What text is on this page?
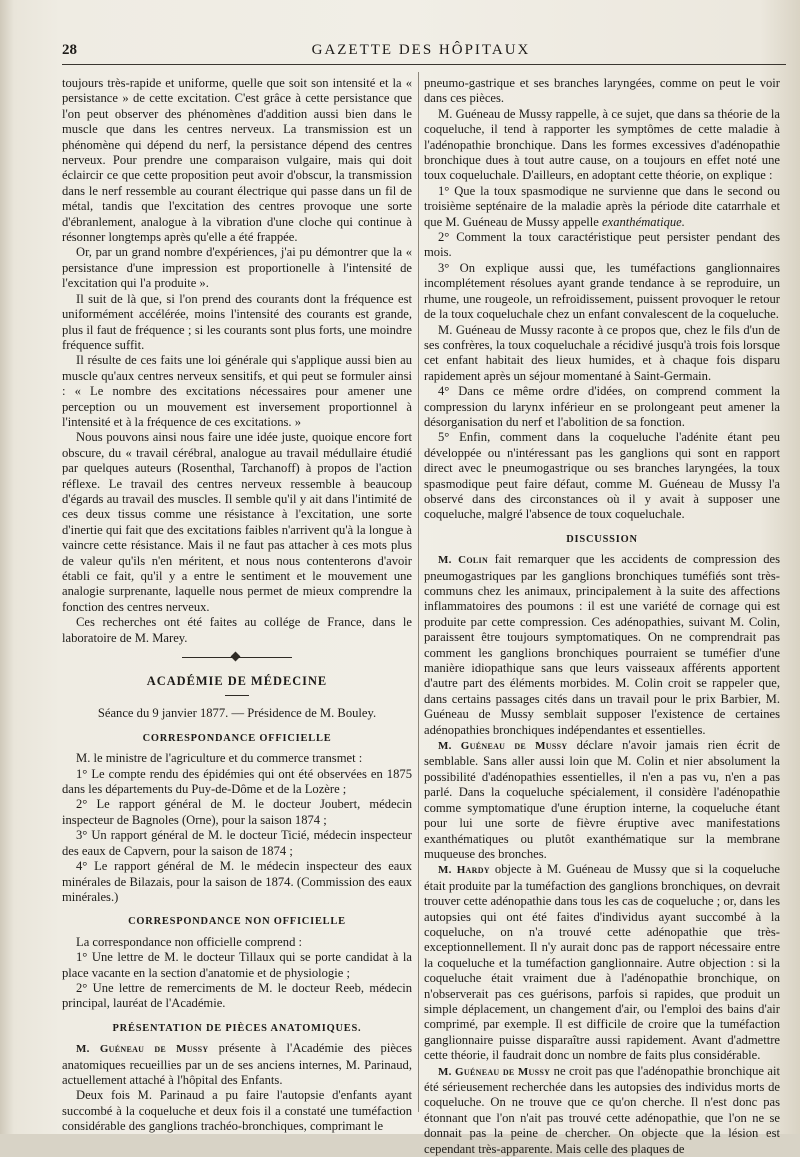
28	GAZETTE DES HÔPITAUX

toujours très-rapide et uniforme, quelle que soit son intensité et la « persistance » de cette excitation. C'est grâce à cette persistance que l'on peut observer des phénomènes d'addition aussi bien dans le muscle que dans les centres nerveux. La transmission est un phénomène qui dépend du nerf, la persistance dépend des centres nerveux. Pour prendre une comparaison vulgaire, mais qui doit éclaircir ce que cette proposition peut avoir d'obscur, la transmission dans le nerf ressemble au courant électrique qui passe dans un fil de métal, tandis que l'excitation des centres provoque une sorte d'ébranlement, analogue à la vibration d'une cloche qui continue à résonner longtemps après qu'elle a été frappée.

Or, par un grand nombre d'expériences, j'ai pu démontrer que la « persistance d'une impression est proportionelle à l'intensité de l'excitation qui l'a produite ».

Il suit de là que, si l'on prend des courants dont la fréquence est uniformément accélérée, moins l'intensité des courants est grande, plus il faut de fréquence ; si les courants sont plus forts, une moindre fréquence suffit.

Il résulte de ces faits une loi générale qui s'applique aussi bien au muscle qu'aux centres nerveux sensitifs, et qui peut se formuler ainsi : « Le nombre des excitations nécessaires pour amener une perception ou un mouvement est inversement proportionnel à l'intensité et à la fréquence de ces excitations. »

Nous pouvons ainsi nous faire une idée juste, quoique encore fort obscure, du « travail cérébral, analogue au travail médullaire étudié par quelques auteurs (Rosenthal, Tarchanoff) à propos de l'action réflexe. Le travail des centres nerveux ressemble à beaucoup d'égards au travail des muscles. Il semble qu'il y ait dans l'intimité de ces deux tissus comme une résistance à l'excitation, une sorte d'inertie qui fait que des excitations faibles n'arrivent qu'à la longue à vaincre cette résistance. Mais il ne faut pas attacher à ces mots plus de valeur qu'ils n'en méritent, et nous nous contenterons d'avoir établi ce fait, qu'il y a entre le sentiment et le mouvement une analogie surprenante, laquelle nous permet de mieux comprendre la fonction des centres nerveux.

Ces recherches ont été faites au collége de France, dans le laboratoire de M. Marey.

ACADÉMIE DE MÉDECINE
Séance du 9 janvier 1877. — Présidence de M. Bouley.
CORRESPONDANCE OFFICIELLE

M. le ministre de l'agriculture et du commerce transmet :

1° Le compte rendu des épidémies qui ont été observées en 1875 dans les départements du Puy-de-Dôme et de la Lozère ;

2° Le rapport général de M. le docteur Joubert, médecin inspecteur de Bagnoles (Orne), pour la saison 1874 ;

3° Un rapport général de M. le docteur Ticié, médecin inspecteur des eaux de Capvern, pour la saison de 1874 ;

4° Le rapport général de M. le médecin inspecteur des eaux minérales de Bilazais, pour la saison de 1874. (Commission des eaux minérales.)

CORRESPONDANCE NON OFFICIELLE

La correspondance non officielle comprend :

1° Une lettre de M. le docteur Tillaux qui se porte candidat à la place vacante en la section d'anatomie et de physiologie ;

2° Une lettre de remerciments de M. le docteur Reeb, médecin principal, lauréat de l'Académie.

PRÉSENTATION DE PIÈCES ANATOMIQUES.

M. Guéneau de Mussy présente à l'Académie des pièces anatomiques recueillies par un de ses anciens internes, M. Parinaud, actuellement attaché à l'hôpital des Enfants.

Deux fois M. Parinaud a pu faire l'autopsie d'enfants ayant succombé à la coqueluche et deux fois il a constaté une tuméfaction considérable des ganglions trachéo-bronchiques, comprimant le

pneumo-gastrique et ses branches laryngées, comme on peut le voir dans ces pièces.

M. Guéneau de Mussy rappelle, à ce sujet, que dans sa théorie de la coqueluche, il tend à rapporter les symptômes de cette maladie à l'adénopathie bronchique. Dans les formes excessives d'adénopathie bronchique dues à tout autre cause, on a toujours en effet noté une toux coqueluchale. D'ailleurs, en adoptant cette théorie, on explique :

1° Que la toux spasmodique ne survienne que dans le second ou troisième septénaire de la maladie après la période dite catarrhale et que M. Guéneau de Mussy appelle exanthématique.

2° Comment la toux caractéristique peut persister pendant des mois.

3° On explique aussi que, les tuméfactions ganglionnaires incomplétement résolues ayant grande tendance à se reproduire, un rhume, une rougeole, un refroidissement, puissent provoquer le retour de la toux coqueluchale chez un enfant convalescent de la coqueluche.

M. Guéneau de Mussy raconte à ce propos que, chez le fils d'un de ses confrères, la toux coqueluchale a récidivé jusqu'à trois fois lorsque cet enfant habitait des lieux humides, et à chaque fois disparu rapidement après un séjour momentané à Saint-Germain.

4° Dans ce même ordre d'idées, on comprend comment la compression du larynx inférieur en se prolongeant peut amener la désorganisation du nerf et l'abolition de sa fonction.

5° Enfin, comment dans la coqueluche l'adénite étant peu développée ou n'intéressant pas les ganglions qui sont en rapport direct avec le pneumogastrique ou ses branches laryngées, la toux spasmodique peut faire défaut, comme M. Guéneau de Mussy l'a observé dans des circonstances où il y avait à supposer une coqueluche, malgré l'absence de toux coqueluchale.

DISCUSSION

M. Colin fait remarquer que les accidents de compression des pneumogastriques par les ganglions bronchiques tuméfiés sont très-communs chez les animaux, principalement à la suite des affections inflammatoires des poumons : il est une variété de cornage qui est produite par cette compression. Ces adénopathies, suivant M. Colin, paraissent être toujours symptomatiques. On ne comprendrait pas comment les ganglions bronchiques pourraient se tuméfier d'une manière idiopathique sans que leurs vaisseaux afférents apportent d'autre part des éléments morbides. M. Colin croit se rappeler que, dans certains passages cités dans un travail pour le prix Barbier, M. Guéneau de Mussy semblait supposer l'existence de certaines adénopathies bronchiques indépendantes et essentielles.

M. Guéneau de Mussy déclare n'avoir jamais rien écrit de semblable. Sans aller aussi loin que M. Colin et nier absolument la possibilité d'adénopathies essentielles, il n'en a pas vu, n'en a pas parlé. Dans la coqueluche spécialement, il considère l'adénopathie comme symptomatique d'une éruption interne, la coqueluche étant pour lui une sorte de fièvre éruptive avec manifestations exanthématiques ou plutôt exanthématique sur la membrane muqueuse des bronches.

M. Hardy objecte à M. Guéneau de Mussy que si la coqueluche était produite par la tuméfaction des ganglions bronchiques, on devrait trouver cette adénopathie dans tous les cas de coqueluche ; or, dans les autopsies qui ont été faites d'individus ayant succombé à la coqueluche, on n'a trouvé cette adénopathie que très-exceptionnellement. Il n'y aurait donc pas de rapport nécessaire entre la coqueluche et la tuméfaction ganglionnaire. Autre objection : si la coqueluche était vraiment due à l'adénopathie bronchique, on n'observerait pas ces guérisons, parfois si rapides, que produit un simple déplacement, un changement d'air, ou l'emploi des bains d'air comprimé, par exemple. Il est difficile de croire que la tuméfaction ganglionnaire puisse disparaître aussi rapidement. Avant d'admettre cette théorie, il faudrait donc un nombre de faits plus considérable.

M. Guéneau de Mussy ne croit pas que l'adénopathie bronchique ait été sérieusement recherchée dans les autopsies des individus morts de coqueluche. On ne trouve que ce qu'on cherche. Il n'est donc pas étonnant que l'on n'ait pas trouvé cette adénopathie, que l'on ne se donnait pas la peine de chercher. On objecte que la lésion est cependant très-apparente. Mais celle des plaques de
